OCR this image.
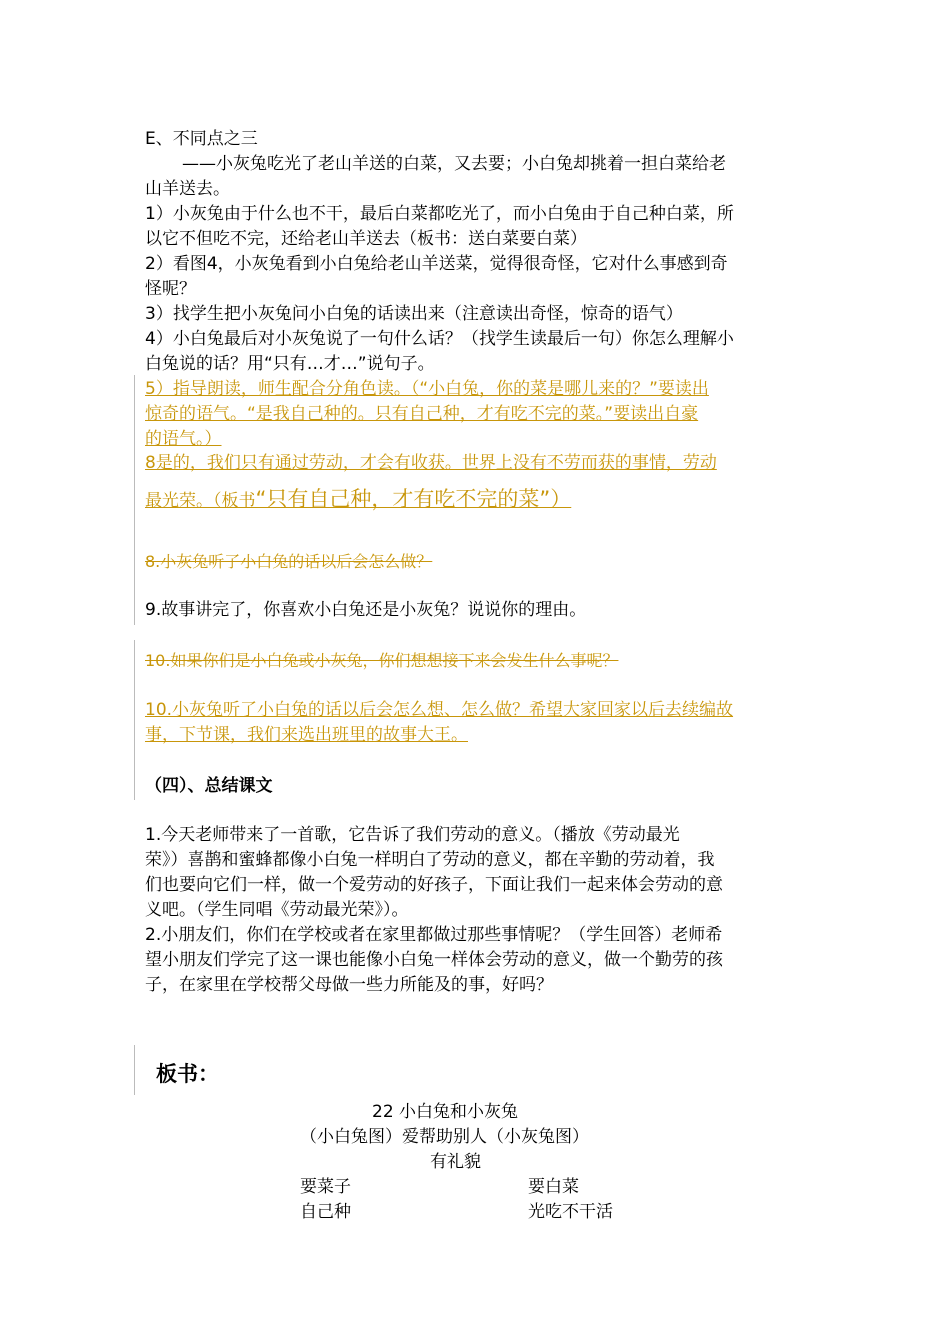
E、不同点之三
——小灰兔吃光了老山羊送的白菜，又去要；小白兔却挑着一担白菜给老
山羊送去。
1）小灰兔由于什么也不干，最后白菜都吃光了，而小白兔由于自己种白菜，所
以它不但吃不完，还给老山羊送去（板书：送白菜要白菜）
2）看图4，小灰兔看到小白兔给老山羊送菜，觉得很奇怪，它对什么事感到奇
怪呢？
3）找学生把小灰兔问小白兔的话读出来（注意读出奇怪，惊奇的语气）
4）小白兔最后对小灰兔说了一句什么话？（找学生读最后一句）你怎么理解小
白兔说的话？用“只有…才…”说句子。
5）指导朗读，师生配合分角色读。（“小白兔，你的菜是哪儿来的？”要读出
惊奇的语气。“是我自己种的。只有自己种，才有吃不完的菜。”要读出自豪
的语气。）
8是的，我们只有通过劳动，才会有收获。世界上没有不劳而获的事情，劳动
最光荣。（板书“只有自己种，才有吃不完的菜”）
8.小灰兔听了小白兔的话以后会怎么做？
9.故事讲完了，你喜欢小白兔还是小灰兔？说说你的理由。
10.如果你们是小白兔或小灰兔，你们想想接下来会发生什么事呢？
10.小灰兔听了小白兔的话以后会怎么想、怎么做？希望大家回家以后去续编故
事，下节课，我们来选出班里的故事大王。
（四）、总结课文
1.今天老师带来了一首歌，它告诉了我们劳动的意义。（播放《劳动最光
荣》）喜鹊和蜜蜂都像小白兔一样明白了劳动的意义，都在辛勤的劳动着，我
们也要向它们一样，做一个爱劳动的好孩子，下面让我们一起来体会劳动的意
义吧。（学生同唱《劳动最光荣》）。
2.小朋友们，你们在学校或者在家里都做过那些事情呢？（学生回答）老师希
望小朋友们学完了这一课也能像小白兔一样体会劳动的意义，做一个勤劳的孩
子，在家里在学校帮父母做一些力所能及的事，好吗？
板书：
22 小白兔和小灰兔
（小白兔图）爱帮助别人（小灰兔图）
有礼貌
要菜子	要白菜
自己种	光吃不干活
